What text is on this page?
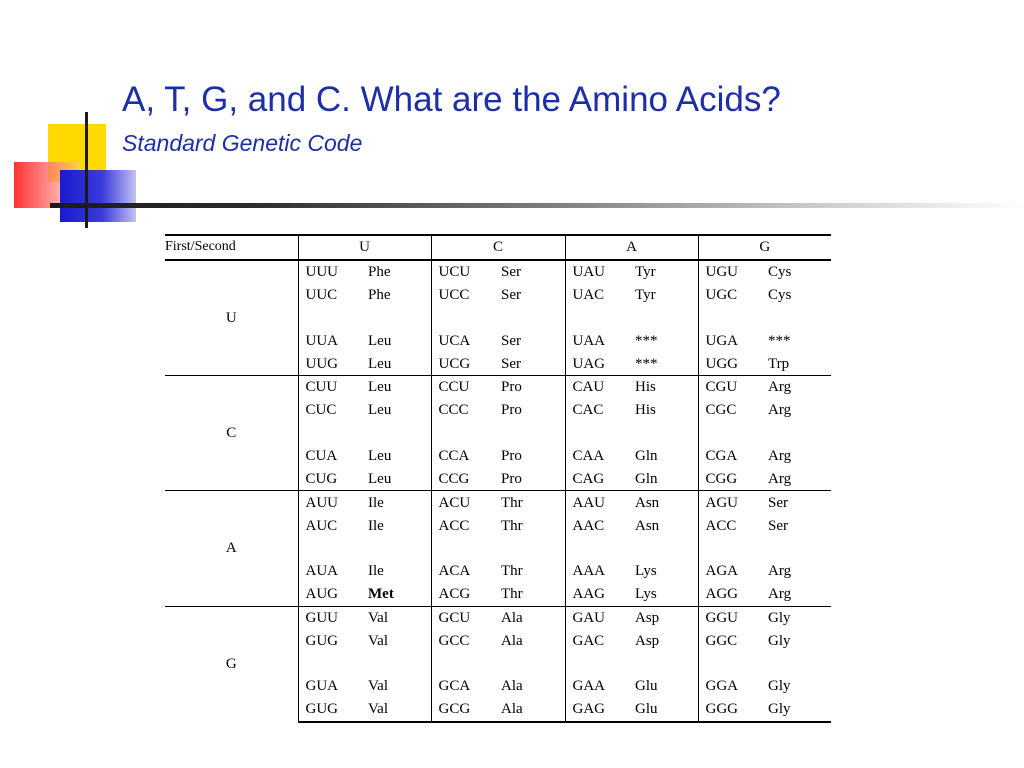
A, T, G, and C. What are the Amino Acids?
Standard Genetic Code
First/Second	U		C		A		G	
U	UUU	Phe	UCU	Ser	UAU	Tyr	UGU	Cys
	UUC	Phe	UCC	Ser	UAC	Tyr	UGC	Cys

	UUA	Leu	UCA	Ser	UAA	***	UGA	***
	UUG	Leu	UCG	Ser	UAG	***	UGG	Trp
C	CUU	Leu	CCU	Pro	CAU	His	CGU	Arg
	CUC	Leu	CCC	Pro	CAC	His	CGC	Arg

	CUA	Leu	CCA	Pro	CAA	Gln	CGA	Arg
	CUG	Leu	CCG	Pro	CAG	Gln	CGG	Arg
A	AUU	Ile	ACU	Thr	AAU	Asn	AGU	Ser
	AUC	Ile	ACC	Thr	AAC	Asn	ACC	Ser

	AUA	Ile	ACA	Thr	AAA	Lys	AGA	Arg
	AUG	Met	ACG	Thr	AAG	Lys	AGG	Arg
G	GUU	Val	GCU	Ala	GAU	Asp	GGU	Gly
	GUG	Val	GCC	Ala	GAC	Asp	GGC	Gly

	GUA	Val	GCA	Ala	GAA	Glu	GGA	Gly
	GUG	Val	GCG	Ala	GAG	Glu	GGG	Gly
